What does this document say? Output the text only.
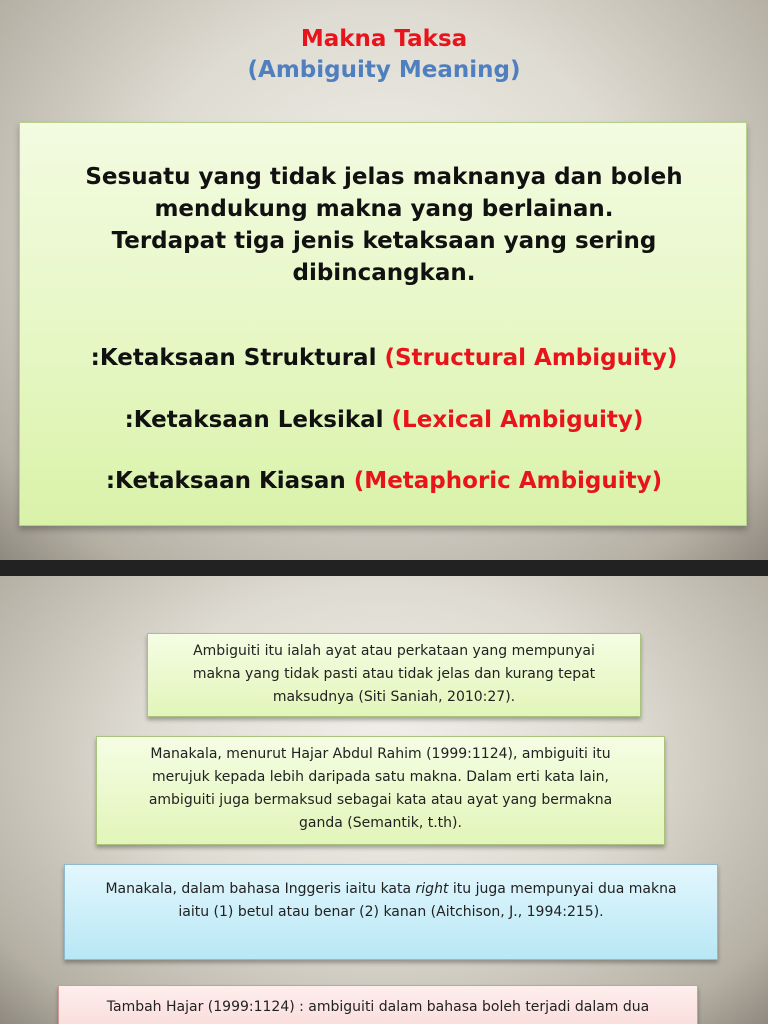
Makna Taksa
(Ambiguity Meaning)
Sesuatu yang tidak jelas maknanya dan boleh
mendukung makna yang berlainan.
Terdapat tiga jenis ketaksaan yang sering
dibincangkan.
:Ketaksaan Struktural (Structural Ambiguity)
:Ketaksaan Leksikal (Lexical Ambiguity)
:Ketaksaan Kiasan (Metaphoric Ambiguity)
Ambiguiti itu ialah ayat atau perkataan yang mempunyai
makna yang tidak pasti atau tidak jelas dan kurang tepat
maksudnya (Siti Saniah, 2010:27).
Manakala, menurut Hajar Abdul Rahim (1999:1124), ambiguiti itu
merujuk kepada lebih daripada satu makna. Dalam erti kata lain,
ambiguiti juga bermaksud sebagai kata atau ayat yang bermakna
ganda (Semantik, t.th).
Manakala, dalam bahasa Inggeris iaitu kata right itu juga mempunyai dua makna
iaitu (1) betul atau benar (2) kanan (Aitchison, J., 1994:215).
Tambah Hajar (1999:1124) : ambiguiti dalam bahasa boleh terjadi dalam dua
